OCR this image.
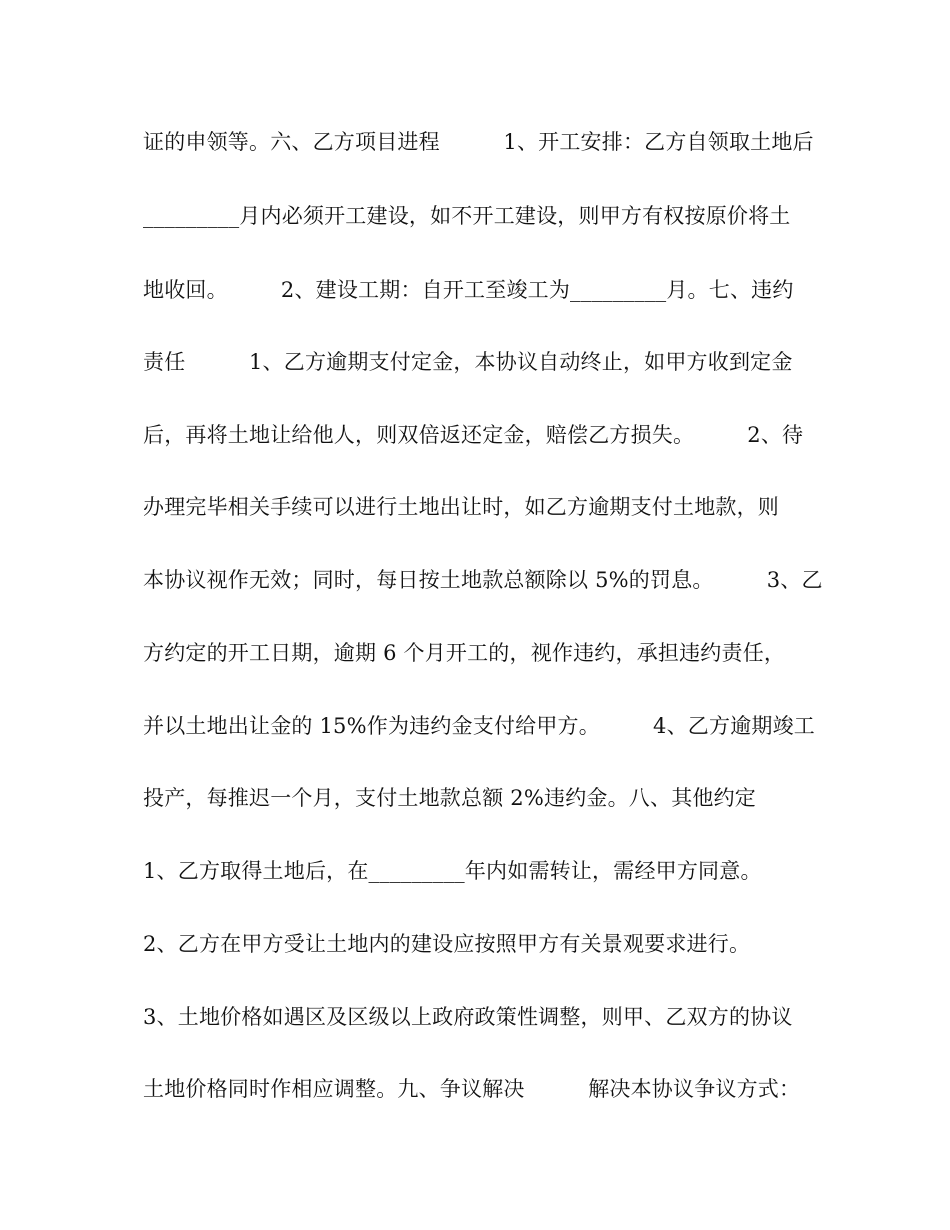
证的申领等。六、乙方项目进程　　　1、开工安排：乙方自领取土地后
_________月内必须开工建设，如不开工建设，则甲方有权按原价将土
地收回。　　　2、建设工期：自开工至竣工为_________月。七、违约
责任　　　1、乙方逾期支付定金，本协议自动终止，如甲方收到定金
后，再将土地让给他人，则双倍返还定金，赔偿乙方损失。　　　2、待
办理完毕相关手续可以进行土地出让时，如乙方逾期支付土地款，则
本协议视作无效；同时，每日按土地款总额除以 5%的罚息。　　　3、乙
方约定的开工日期，逾期 6 个月开工的，视作违约，承担违约责任，
并以土地出让金的 15%作为违约金支付给甲方。　　　4、乙方逾期竣工
投产，每推迟一个月，支付土地款总额 2%违约金。八、其他约定
1、乙方取得土地后，在_________年内如需转让，需经甲方同意。
2、乙方在甲方受让土地内的建设应按照甲方有关景观要求进行。
3、土地价格如遇区及区级以上政府政策性调整，则甲、乙双方的协议
土地价格同时作相应调整。九、争议解决　　　解决本协议争议方式：
